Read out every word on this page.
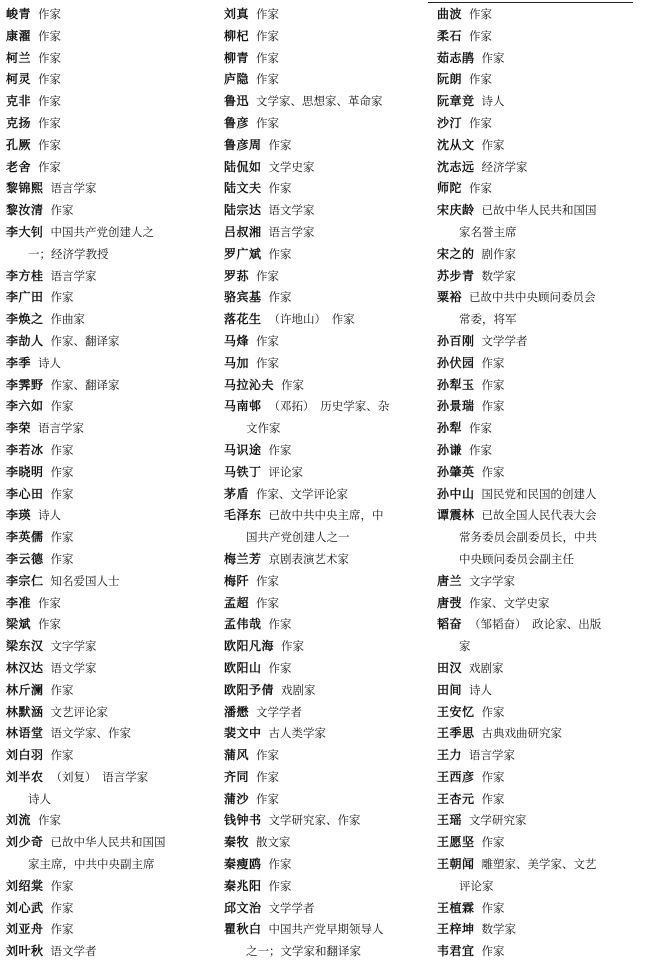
峻青 作家
康濯 作家
柯兰 作家
柯灵 作家
克非 作家
克扬 作家
孔厥 作家
老舍 作家
黎锦熙 语言学家
黎汝清 作家
李大钊 中国共产党创建人之
一；经济学教授
李方桂 语言学家
李广田 作家
李焕之 作曲家
李劼人 作家、翻译家
李季 诗人
李霁野 作家、翻译家
李六如 作家
李荣 语言学家
李若冰 作家
李晓明 作家
李心田 作家
李瑛 诗人
李英儒 作家
李云德 作家
李宗仁 知名爱国人士
李准 作家
梁斌 作家
梁东汉 文字学家
林汉达 语文学家
林斤澜 作家
林默涵 文艺评论家
林语堂 语文学家、作家
刘白羽 作家
刘半农 （刘复）　语言学家
诗人
刘流 作家
刘少奇 已故中华人民共和国国
家主席，中共中央副主席
刘绍棠 作家
刘心武 作家
刘亚舟 作家
刘叶秋 语文学者
刘真 作家
柳杞 作家
柳青 作家
庐隐 作家
鲁迅 文学家、思想家、革命家
鲁彦 作家
鲁彦周 作家
陆侃如 文学史家
陆文夫 作家
陆宗达 语文学家
吕叔湘 语言学家
罗广斌 作家
罗荪 作家
骆宾基 作家
落花生 （许地山）　作家
马烽 作家
马加 作家
马拉沁夫 作家
马南邨 （邓拓）　历史学家、杂
文作家
马识途 作家
马铁丁 评论家
茅盾 作家、文学评论家
毛泽东 已故中共中央主席，中
国共产党创建人之一
梅兰芳 京剧表演艺术家
梅阡 作家
孟超 作家
孟伟哉 作家
欧阳凡海 作家
欧阳山 作家
欧阳予倩 戏剧家
潘懋 文学学者
裴文中 古人类学家
蒲风 作家
齐同 作家
蒲沙 作家
钱钟书 文学研究家、作家
秦牧 散文家
秦瘦鸥 作家
秦兆阳 作家
邱文治 文学学者
瞿秋白 中国共产党早期领导人
之一；文学家和翻译家
曲波 作家
柔石 作家
茹志鹃 作家
阮朗 作家
阮章竞 诗人
沙汀 作家
沈从文 作家
沈志远 经济学家
师陀 作家
宋庆龄 已故中华人民共和国国
家名誉主席
宋之的 剧作家
苏步青 数学家
粟裕 已故中共中央顾问委员会
常委，将军
孙百刚 文学学者
孙伏园 作家
孙犁玉 作家
孙景瑞 作家
孙犁 作家
孙谦 作家
孙肇英 作家
孙中山 国民党和民国的创建人
谭震林 已故全国人民代表大会
常务委员会副委员长，中共
中央顾问委员会副主任
唐兰 文字学家
唐弢 作家、文学史家
韬奋 （邹韬奋）　政论家、出版
家
田汉 戏剧家
田间 诗人
王安忆 作家
王季思 古典戏曲研究家
王力 语言学家
王西彦 作家
王杏元 作家
王瑶 文学研究家
王愿坚 作家
王朝闻 雕塑家、美学家、文艺
评论家
王植霖 作家
王梓坤 数学家
韦君宜 作家
